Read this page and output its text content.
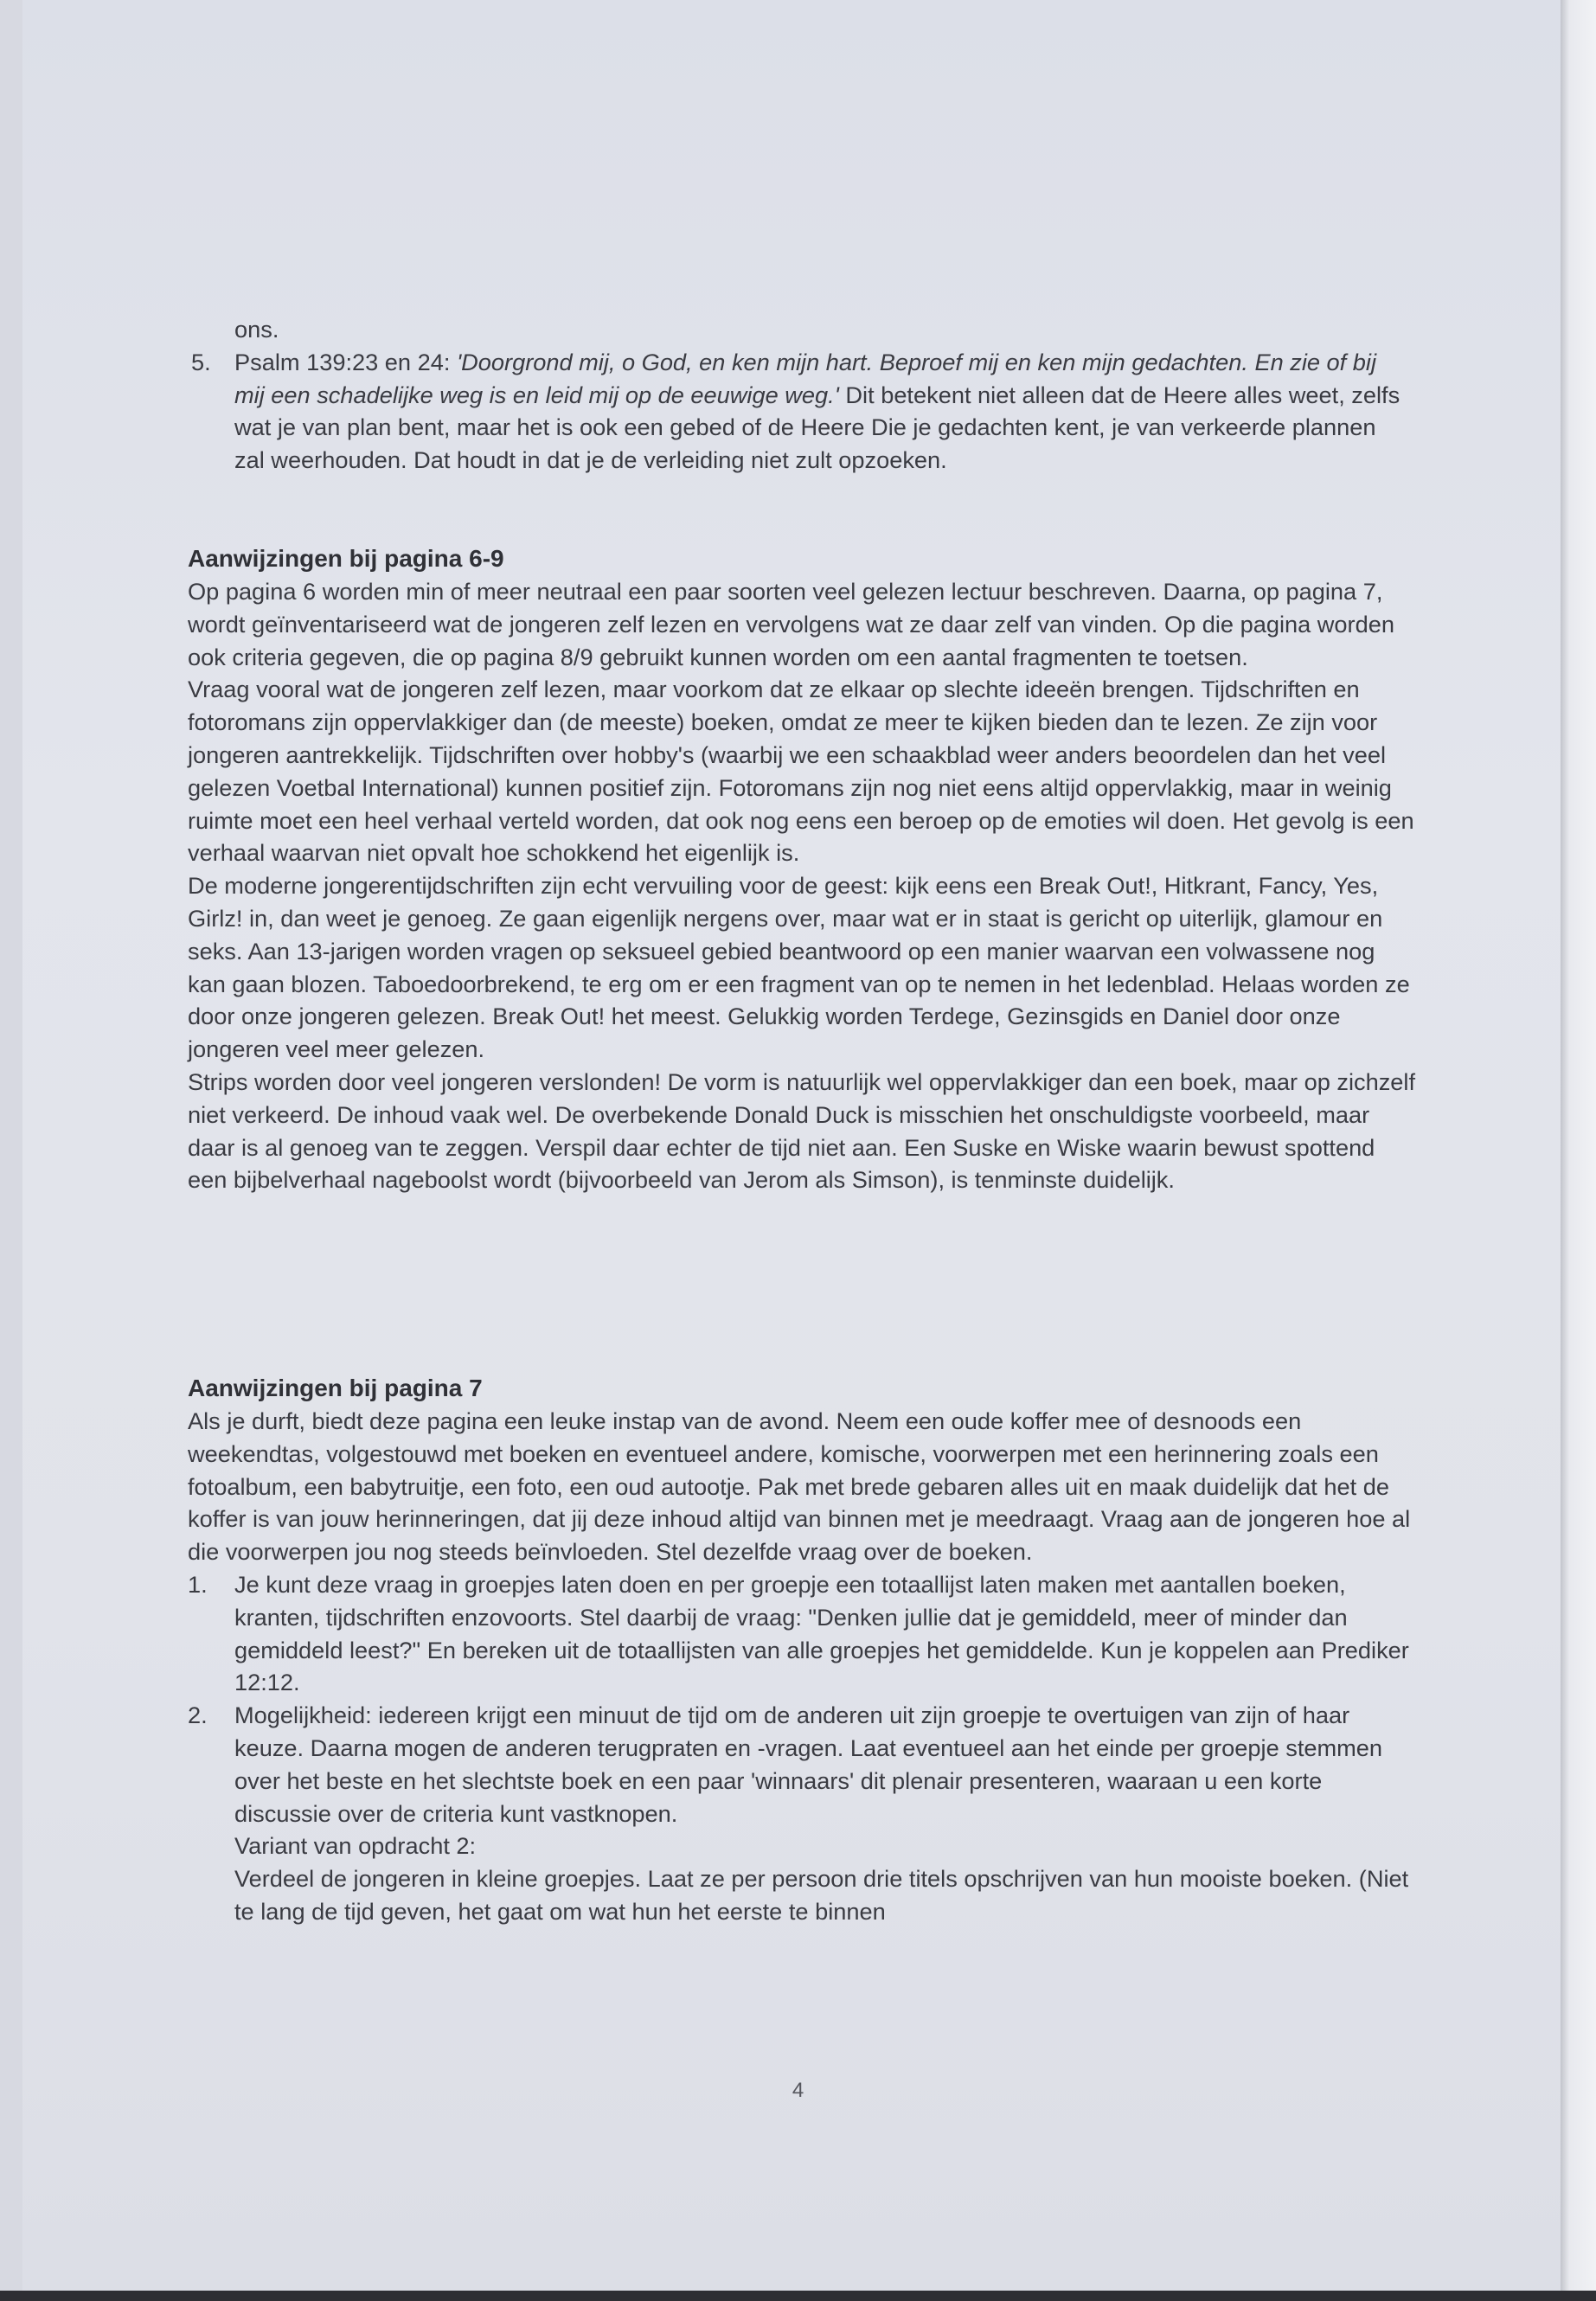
ons.

5. Psalm 139:23 en 24: 'Doorgrond mij, o God, en ken mijn hart. Beproef mij en ken mijn gedachten. En zie of bij mij een schadelijke weg is en leid mij op de eeuwige weg.' Dit betekent niet alleen dat de Heere alles weet, zelfs wat je van plan bent, maar het is ook een gebed of de Heere Die je gedachten kent, je van verkeerde plannen zal weerhouden. Dat houdt in dat je de verleiding niet zult opzoeken.

Aanwijzingen bij pagina 6-9

Op pagina 6 worden min of meer neutraal een paar soorten veel gelezen lectuur beschreven. Daarna, op pagina 7, wordt geïnventariseerd wat de jongeren zelf lezen en vervolgens wat ze daar zelf van vinden. Op die pagina worden ook criteria gegeven, die op pagina 8/9 gebruikt kunnen worden om een aantal fragmenten te toetsen.

Vraag vooral wat de jongeren zelf lezen, maar voorkom dat ze elkaar op slechte ideeën brengen. Tijdschriften en fotoromans zijn oppervlakkiger dan (de meeste) boeken, omdat ze meer te kijken bieden dan te lezen. Ze zijn voor jongeren aantrekkelijk. Tijdschriften over hobby's (waarbij we een schaakblad weer anders beoordelen dan het veel gelezen Voetbal International) kunnen positief zijn. Fotoromans zijn nog niet eens altijd oppervlakkig, maar in weinig ruimte moet een heel verhaal verteld worden, dat ook nog eens een beroep op de emoties wil doen. Het gevolg is een verhaal waarvan niet opvalt hoe schokkend het eigenlijk is.

De moderne jongerentijdschriften zijn echt vervuiling voor de geest: kijk eens een Break Out!, Hitkrant, Fancy, Yes, Girlz! in, dan weet je genoeg. Ze gaan eigenlijk nergens over, maar wat er in staat is gericht op uiterlijk, glamour en seks. Aan 13-jarigen worden vragen op seksueel gebied beantwoord op een manier waarvan een volwassene nog kan gaan blozen. Taboedoorbrekend, te erg om er een fragment van op te nemen in het ledenblad. Helaas worden ze door onze jongeren gelezen. Break Out! het meest. Gelukkig worden Terdege, Gezinsgids en Daniel door onze jongeren veel meer gelezen.

Strips worden door veel jongeren verslonden! De vorm is natuurlijk wel oppervlakkiger dan een boek, maar op zichzelf niet verkeerd. De inhoud vaak wel. De overbekende Donald Duck is misschien het onschuldigste voorbeeld, maar daar is al genoeg van te zeggen. Verspil daar echter de tijd niet aan. Een Suske en Wiske waarin bewust spottend een bijbelverhaal nageboolst wordt (bijvoorbeeld van Jerom als Simson), is tenminste duidelijk.

Aanwijzingen bij pagina 7

Als je durft, biedt deze pagina een leuke instap van de avond. Neem een oude koffer mee of desnoods een weekendtas, volgestouwd met boeken en eventueel andere, komische, voorwerpen met een herinnering zoals een fotoalbum, een babytruitje, een foto, een oud autootje. Pak met brede gebaren alles uit en maak duidelijk dat het de koffer is van jouw herinneringen, dat jij deze inhoud altijd van binnen met je meedraagt. Vraag aan de jongeren hoe al die voorwerpen jou nog steeds beïnvloeden. Stel dezelfde vraag over de boeken.

1. Je kunt deze vraag in groepjes laten doen en per groepje een totaallijst laten maken met aantallen boeken, kranten, tijdschriften enzovoorts. Stel daarbij de vraag: "Denken jullie dat je gemiddeld, meer of minder dan gemiddeld leest?" En bereken uit de totaallijsten van alle groepjes het gemiddelde. Kun je koppelen aan Prediker 12:12.

2. Mogelijkheid: iedereen krijgt een minuut de tijd om de anderen uit zijn groepje te overtuigen van zijn of haar keuze. Daarna mogen de anderen terugpraten en -vragen. Laat eventueel aan het einde per groepje stemmen over het beste en het slechtste boek en een paar 'winnaars' dit plenair presenteren, waaraan u een korte discussie over de criteria kunt vastknopen.

Variant van opdracht 2:

Verdeel de jongeren in kleine groepjes. Laat ze per persoon drie titels opschrijven van hun mooiste boeken. (Niet te lang de tijd geven, het gaat om wat hun het eerste te binnen

4
